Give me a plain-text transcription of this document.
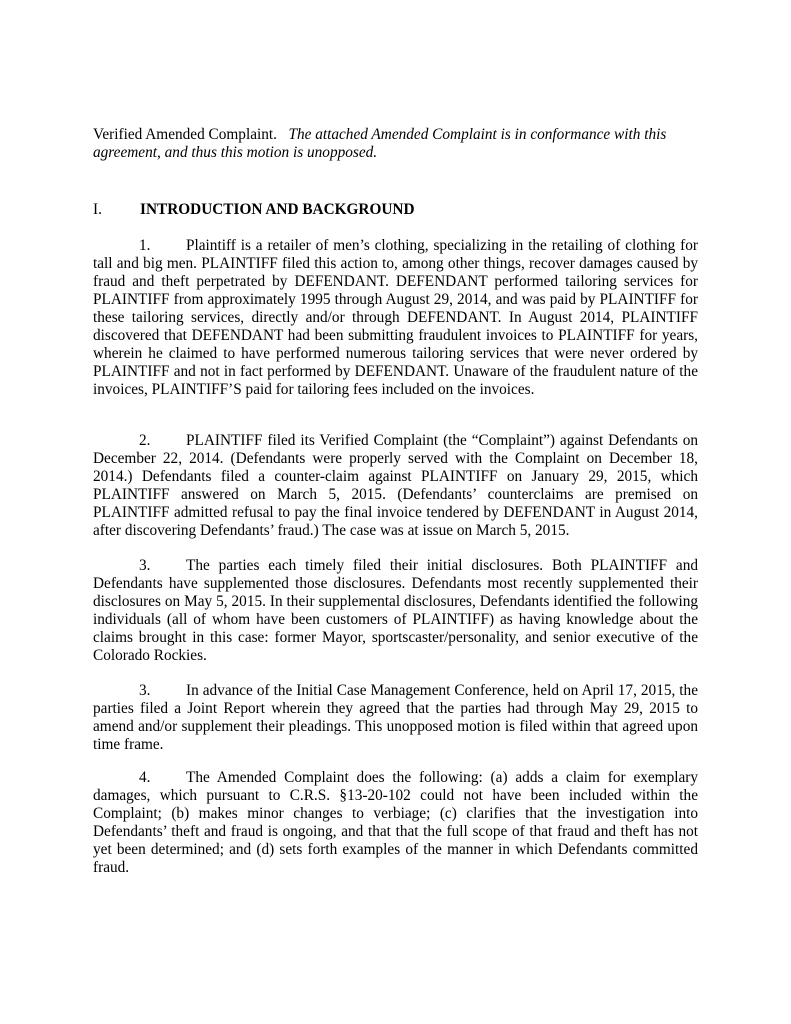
Verified Amended Complaint. The attached Amended Complaint is in conformance with this agreement, and thus this motion is unopposed.
I. INTRODUCTION AND BACKGROUND
1. Plaintiff is a retailer of men’s clothing, specializing in the retailing of clothing for tall and big men. PLAINTIFF filed this action to, among other things, recover damages caused by fraud and theft perpetrated by DEFENDANT. DEFENDANT performed tailoring services for PLAINTIFF from approximately 1995 through August 29, 2014, and was paid by PLAINTIFF for these tailoring services, directly and/or through DEFENDANT. In August 2014, PLAINTIFF discovered that DEFENDANT had been submitting fraudulent invoices to PLAINTIFF for years, wherein he claimed to have performed numerous tailoring services that were never ordered by PLAINTIFF and not in fact performed by DEFENDANT. Unaware of the fraudulent nature of the invoices, PLAINTIFF’S paid for tailoring fees included on the invoices.
2. PLAINTIFF filed its Verified Complaint (the “Complaint”) against Defendants on December 22, 2014. (Defendants were properly served with the Complaint on December 18, 2014.) Defendants filed a counter-claim against PLAINTIFF on January 29, 2015, which PLAINTIFF answered on March 5, 2015. (Defendants’ counterclaims are premised on PLAINTIFF admitted refusal to pay the final invoice tendered by DEFENDANT in August 2014, after discovering Defendants’ fraud.) The case was at issue on March 5, 2015.
3. The parties each timely filed their initial disclosures. Both PLAINTIFF and Defendants have supplemented those disclosures. Defendants most recently supplemented their disclosures on May 5, 2015. In their supplemental disclosures, Defendants identified the following individuals (all of whom have been customers of PLAINTIFF) as having knowledge about the claims brought in this case: former Mayor, sportscaster/personality, and senior executive of the Colorado Rockies.
3. In advance of the Initial Case Management Conference, held on April 17, 2015, the parties filed a Joint Report wherein they agreed that the parties had through May 29, 2015 to amend and/or supplement their pleadings. This unopposed motion is filed within that agreed upon time frame.
4. The Amended Complaint does the following: (a) adds a claim for exemplary damages, which pursuant to C.R.S. §13-20-102 could not have been included within the Complaint; (b) makes minor changes to verbiage; (c) clarifies that the investigation into Defendants’ theft and fraud is ongoing, and that that the full scope of that fraud and theft has not yet been determined; and (d) sets forth examples of the manner in which Defendants committed fraud.
